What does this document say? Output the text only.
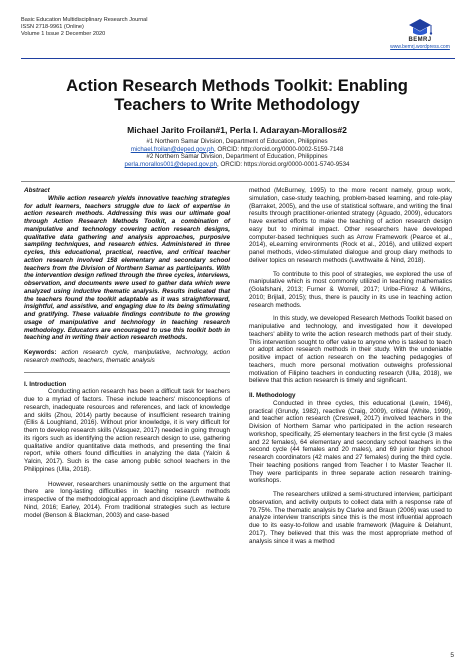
Basic Education Multidisciplinary Research Journal
ISSN 2718-9961 (Online)
Volume 1 Issue 2 December 2020
BEMRJ
www.bemrj.wordpress.com
Action Research Methods Toolkit: Enabling
Teachers to Write Methodology
Michael Jarito Froilan#1, Perla I. Adarayan-Morallos#2
#1 Northern Samar Division, Department of Education, Philippines
michael.froilan@deped.gov.ph, ORCID: http://orcid.org/0000-0002-5159-7148
#2 Northern Samar Division, Department of Education, Philippines
perla.morallos001@deped.gov.ph, ORCID: https://orcid.org/0000-0001-5740-9534

Abstract

While action research yields innovative teaching strategies for adult learners, teachers struggle due to lack of expertise in action research methods. Addressing this was our ultimate goal through Action Research Methods Toolkit, a combination of manipulative and technology covering action research designs, qualitative data gathering and analysis approaches, purposive sampling techniques, and research ethics. Administered in three cycles, this educational, practical, reactive, and critical teacher action research involved 158 elementary and secondary school teachers from the Division of Northern Samar as participants. With the intervention design refined through the three cycles, interviews, observation, and documents were used to gather data which were analyzed using inductive thematic analysis. Results indicated that the teachers found the toolkit adaptable as it was straightforward, insightful, and assistive, and engaging due to its being stimulating and gratifying. These valuable findings contribute to the growing usage of manipulative and technology in teaching research methodology. Educators are encouraged to use this toolkit both in teaching and in writing their action research methods.

Keywords: action research cycle, manipulative, technology, action research methods, teachers, thematic analysis

I. Introduction

Conducting action research has been a difficult task for teachers due to a myriad of factors. These include teachers' misconceptions of research, inadequate resources and references, and lack of knowledge and skills (Zhou, 2014) partly because of insufficient research training (Ellis & Loughland, 2016). Without prior knowledge, it is very difficult for them to develop research skills (Vásquez, 2017) needed in going through its rigors such as identifying the action research design to use, gathering qualitative and/or quantitative data methods, and presenting the final report, while others found difficulties in analyzing the data (Yalcin & Yalcin, 2017). Such is the case among public school teachers in the Philippines (Ulla, 2018).

However, researchers unanimously settle on the argument that there are long-lasting difficulties in teaching research methods irrespective of the methodological approach and discipline (Lewthwaite & Nind, 2016; Earley, 2014). From traditional strategies such as lecture model (Benson & Blackman, 2003) and case-based

method (McBurney, 1995) to the more recent namely, group work, simulation, case-study teaching, problem-based learning, and role-play (Barraket, 2005), and the use of statistical software, and writing the final results through practitioner-oriented strategy (Aguado, 2009), educators have exerted efforts to make the teaching of action research design easy but to minimal impact. Other researchers have developed computer-based techniques such as Arrow Framework (Pearce et al., 2014), eLearning environments (Rock et al., 2016), and utilized expert panel methods, video-stimulated dialogue and group diary methods to deliver topics on research methods (Lewthwaite & Nind, 2018).

To contribute to this pool of strategies, we explored the use of manipulative which is most commonly utilized in teaching mathematics (Golafshani, 2013; Furner & Worrell, 2017; Uribe-Flórez & Wilkins, 2010; Brijlall, 2015); thus, there is paucity in its use in teaching action research methods.

In this study, we developed Research Methods Toolkit based on manipulative and technology, and investigated how it developed teachers' ability to write the action research methods part of their study. This intervention sought to offer value to anyone who is tasked to teach or adopt action research methods in their study. With the undeniable positive impact of action research on the teaching pedagogies of teachers, much more personal motivation outweighs professional motivation of Filipino teachers in conducting research (Ulla, 2018), we believe that this action research is timely and significant.

II. Methodology

Conducted in three cycles, this educational (Lewin, 1946), practical (Grundy, 1982), reactive (Craig, 2009), critical (White, 1999), and teacher action research (Creswell, 2017) involved teachers in the Division of Northern Samar who participated in the action research workshop, specifically, 25 elementary teachers in the first cycle (3 males and 22 females), 64 elementary and secondary school teachers in the second cycle (44 females and 20 males), and 69 junior high school research coordinators (42 males and 27 females) during the third cycle. Their teaching positions ranged from Teacher I to Master Teacher II. They were participants in three separate action research training-workshops.

The researchers utilized a semi-structured interview, participant observation, and activity outputs to collect data with a response rate of 79.75%. The thematic analysis by Clarke and Braun (2006) was used to analyze interview transcripts since this is the most influential approach due to its easy-to-follow and usable framework (Maguire & Delahunt, 2017). They believed that this was the most appropriate method of analysis since it was a method

5
